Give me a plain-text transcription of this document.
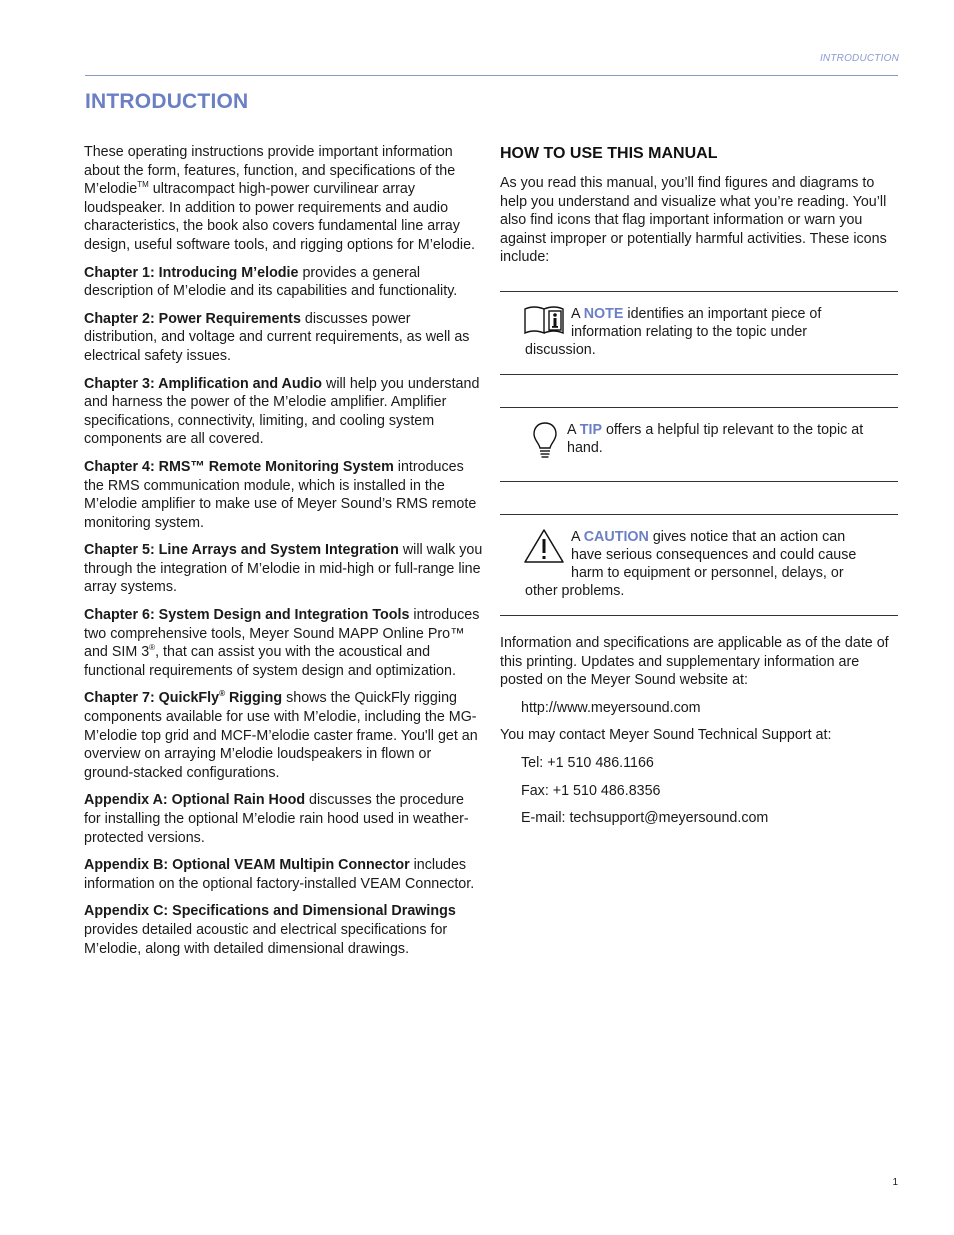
INTRODUCTION
INTRODUCTION

These operating instructions provide important information about the form, features, function, and specifications of the M’elodie™ ultracompact high-power curvilinear array loudspeaker. In addition to power requirements and audio characteristics, the book also covers fundamental line array design, useful software tools, and rigging options for M’elodie.

Chapter 1: Introducing M’elodie provides a general description of M’elodie and its capabilities and functionality.

Chapter 2: Power Requirements discusses power distribution, and voltage and current requirements, as well as electrical safety issues.

Chapter 3: Amplification and Audio will help you understand and harness the power of the M’elodie amplifier. Amplifier specifications, connectivity, limiting, and cooling system components are all covered.

Chapter 4: RMS™ Remote Monitoring System introduces the RMS communication module, which is installed in the M’elodie amplifier to make use of Meyer Sound’s RMS remote monitoring system.

Chapter 5: Line Arrays and System Integration will walk you through the integration of M’elodie in mid-high or full-range line array systems.

Chapter 6: System Design and Integration Tools introduces two comprehensive tools, Meyer Sound MAPP Online Pro™ and SIM 3®, that can assist you with the acoustical and functional requirements of system design and optimization.

Chapter 7: QuickFly® Rigging shows the QuickFly rigging components available for use with M’elodie, including the MG-M’elodie top grid and MCF-M’elodie caster frame. You'll get an overview on arraying M’elodie loudspeakers in flown or ground-stacked configurations.

Appendix A: Optional Rain Hood discusses the procedure for installing the optional M’elodie rain hood used in weather-protected versions.

Appendix B: Optional VEAM Multipin Connector includes information on the optional factory-installed VEAM Connector.

Appendix C: Specifications and Dimensional Drawings provides detailed acoustic and electrical specifications for M’elodie, along with detailed dimensional drawings.

HOW TO USE THIS MANUAL

As you read this manual, you’ll find figures and diagrams to help you understand and visualize what you’re reading. You’ll also find icons that flag important information or warn you against improper or potentially harmful activities. These icons include:

A NOTE identifies an important piece of information relating to the topic under discussion.
A TIP offers a helpful tip relevant to the topic at hand.
A CAUTION gives notice that an action can have serious consequences and could cause harm to equipment or personnel, delays, or other problems.

Information and specifications are applicable as of the date of this printing. Updates and supplementary information are posted on the Meyer Sound website at:

http://www.meyersound.com

You may contact Meyer Sound Technical Support at:

Tel: +1 510 486.1166

Fax: +1 510 486.8356

E-mail: techsupport@meyersound.com

1
